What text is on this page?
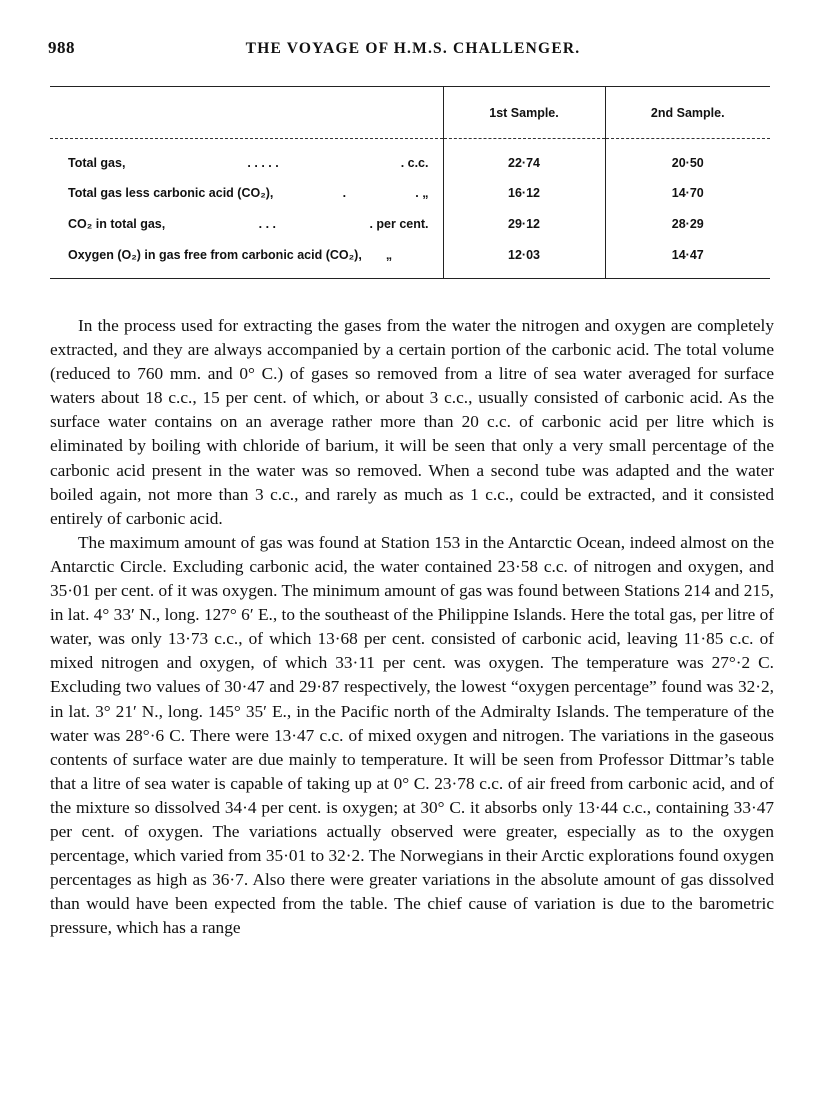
988	THE VOYAGE OF H.M.S. CHALLENGER.
	1st Sample.	2nd Sample.

Total gas, . . . . . . c.c.	22·74	20·50

Total gas less carbonic acid (CO₂), . . „	16·12	14·70

CO₂ in total gas, . . . . per cent.	29·12	28·29

Oxygen (O₂) in gas free from carbonic acid (CO₂), „	12·03	14·47

In the process used for extracting the gases from the water the nitrogen and oxygen are completely extracted, and they are always accompanied by a certain portion of the carbonic acid. The total volume (reduced to 760 mm. and 0° C.) of gases so removed from a litre of sea water averaged for surface waters about 18 c.c., 15 per cent. of which, or about 3 c.c., usually consisted of carbonic acid. As the surface water contains on an average rather more than 20 c.c. of carbonic acid per litre which is eliminated by boiling with chloride of barium, it will be seen that only a very small percentage of the carbonic acid present in the water was so removed. When a second tube was adapted and the water boiled again, not more than 3 c.c., and rarely as much as 1 c.c., could be extracted, and it consisted entirely of carbonic acid.

The maximum amount of gas was found at Station 153 in the Antarctic Ocean, indeed almost on the Antarctic Circle. Excluding carbonic acid, the water contained 23·58 c.c. of nitrogen and oxygen, and 35·01 per cent. of it was oxygen. The minimum amount of gas was found between Stations 214 and 215, in lat. 4° 33′ N., long. 127° 6′ E., to the southeast of the Philippine Islands. Here the total gas, per litre of water, was only 13·73 c.c., of which 13·68 per cent. consisted of carbonic acid, leaving 11·85 c.c. of mixed nitrogen and oxygen, of which 33·11 per cent. was oxygen. The temperature was 27°·2 C. Excluding two values of 30·47 and 29·87 respectively, the lowest “oxygen percentage” found was 32·2, in lat. 3° 21′ N., long. 145° 35′ E., in the Pacific north of the Admiralty Islands. The temperature of the water was 28°·6 C. There were 13·47 c.c. of mixed oxygen and nitrogen. The variations in the gaseous contents of surface water are due mainly to temperature. It will be seen from Professor Dittmar’s table that a litre of sea water is capable of taking up at 0° C. 23·78 c.c. of air freed from carbonic acid, and of the mixture so dissolved 34·4 per cent. is oxygen; at 30° C. it absorbs only 13·44 c.c., containing 33·47 per cent. of oxygen. The variations actually observed were greater, especially as to the oxygen percentage, which varied from 35·01 to 32·2. The Norwegians in their Arctic explorations found oxygen percentages as high as 36·7. Also there were greater variations in the absolute amount of gas dissolved than would have been expected from the table. The chief cause of variation is due to the barometric pressure, which has a range
